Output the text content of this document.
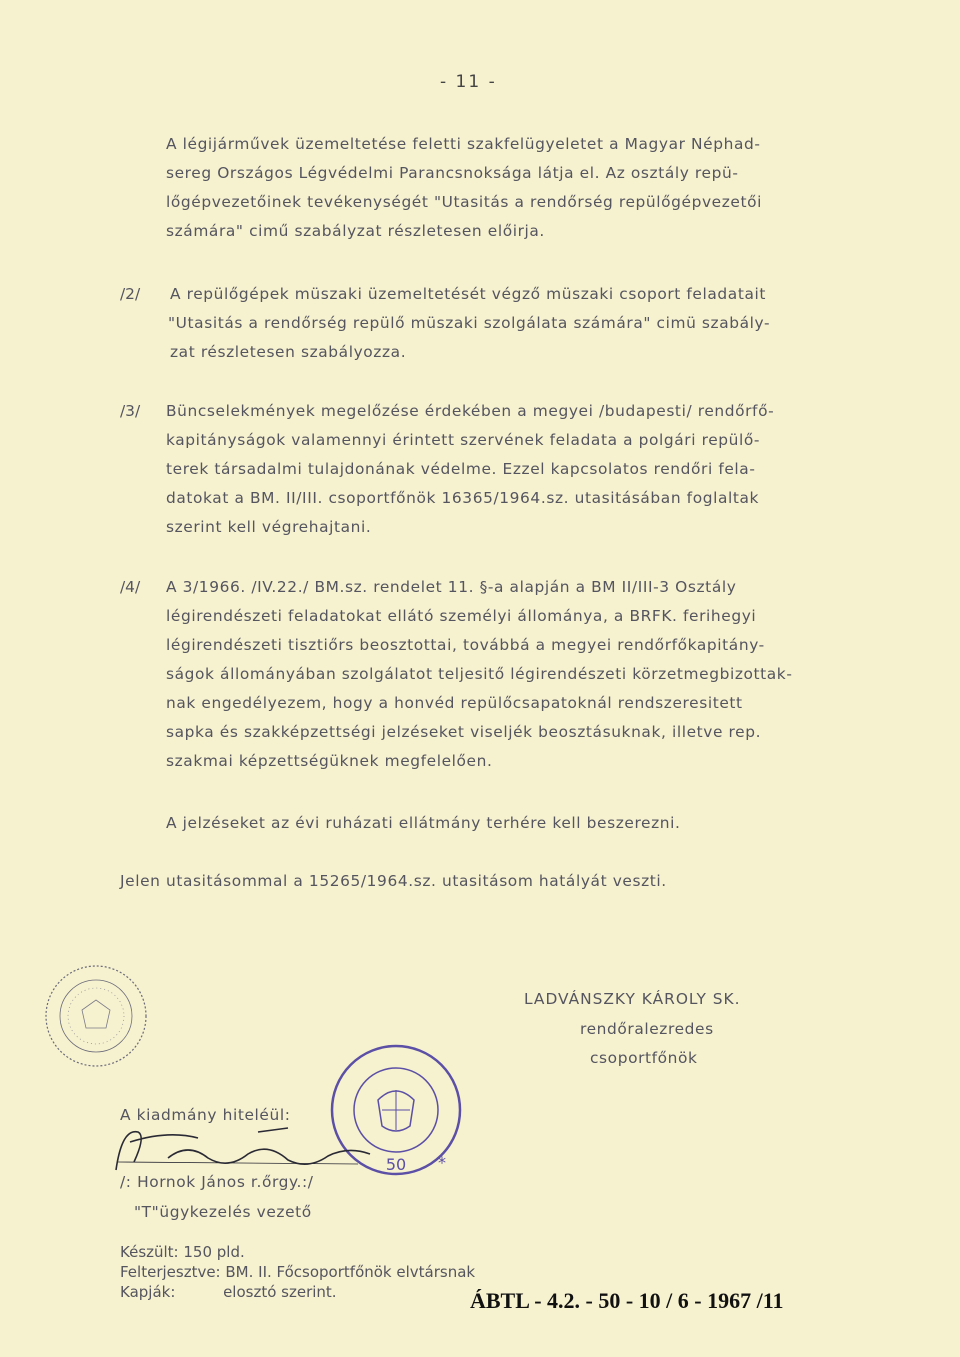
- 11 -
A légijárművek üzemeltetése feletti szakfelügyeletet a Magyar Néphad-
sereg Országos Légvédelmi Parancsnoksága látja el. Az osztály repü-
lőgépvezetőinek tevékenységét "Utasitás a rendőrség repülőgépvezetői
számára" cimű szabályzat részletesen előirja.
/2/ A repülőgépek müszaki üzemeltetését végző müszaki csoport feladatait
"Utasitás a rendőrség repülő müszaki szolgálata számára" cimü szabály-
zat részletesen szabályozza.
/3/ Büncselekmények megelőzése érdekében a megyei /budapesti/ rendőrfő-
kapitányságok valamennyi érintett szervének feladata a polgári repülő-
terek társadalmi tulajdonának védelme. Ezzel kapcsolatos rendőri fela-
datokat a BM. II/III. csoportfőnök 16365/1964.sz. utasitásában foglaltak
szerint kell végrehajtani.
/4/ A 3/1966. /IV.22./ BM.sz. rendelet 11. §-a alapján a BM II/III-3 Osztály
légirendészeti feladatokat ellátó személyi állománya, a BRFK. ferihegyi
légirendészeti tisztiőrs beosztottai, továbbá a megyei rendőrfőkapitány-
ságok állományában szolgálatot teljesitő légirendészeti körzetmegbizottak-
nak engedélyezem, hogy a honvéd repülőcsapatoknál rendszeresitett
sapka és szakképzettségi jelzéseket viseljék beosztásuknak, illetve rep.
szakmai képzettségüknek megfelelően.
A jelzéseket az évi ruházati ellátmány terhére kell beszerezni.
Jelen utasitásommal a 15265/1964.sz. utasitásom hatályát veszti.
LADVÁNSZKY KÁROLY SK.
rendőralezredes
csoportfőnök
50 *
A kiadmány hiteléül:
/: Hornok János r.őrgy.:/
"T"ügykezelés vezető
Készült: 150 pld.
Felterjesztve: BM. II. Főcsoportfőnök elvtársnak
Kapják:          elosztó szerint.	ÁBTL - 4.2. - 50 - 10 / 6 - 1967 /11
